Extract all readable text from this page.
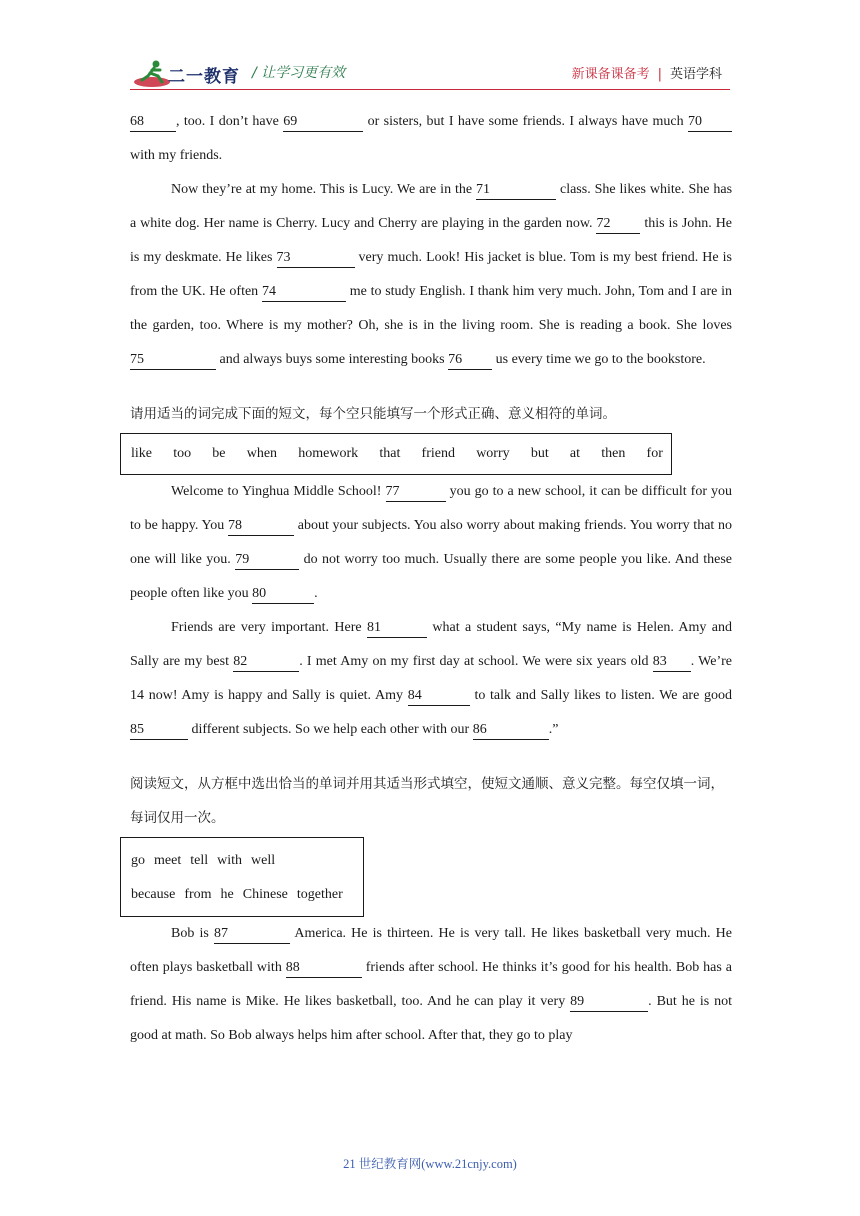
二一教育 / 让学习更有效	新课备课备考 | 英语学科

68 , too. I don’t have 69	or sisters, but I have some friends. I always have much 70 with my friends.

Now they’re at my home. This is Lucy. We are in the 71	class. She likes white. She has a white dog. Her name is Cherry. Lucy and Cherry are playing in the garden now. 72 this is John. He is my deskmate. He likes 73	very much. Look! His jacket is blue. Tom is my best friend. He is from the UK. He often 74	me to study English. I thank him very much. John, Tom and I are in the garden, too. Where is my mother? Oh, she is in the living room. She is reading a book. She loves 75	and always buys some interesting books 76 us every time we go to the bookstore.

请用适当的词完成下面的短文，每个空只能填写一个形式正确、意义相符的单词。
like too be when homework that friend worry but at then for

Welcome to Yinghua Middle School! 77	you go to a new school, it can be difficult for you to be happy. You 78	about your subjects. You also worry about making friends. You worry that no one will like you. 79	do not worry too much. Usually there are some people you like. And these people often like you 80	.

Friends are very important. Here 81	what a student says, “My name is Helen. Amy and Sally are my best 82	. I met Amy on my first day at school. We were six years old 83 . We’re 14 now! Amy is happy and Sally is quiet. Amy 84	to talk and Sally likes to listen. We are good 85	different subjects. So we help each other with our 86	.”

阅读短文，从方框中选出恰当的单词并用其适当形式填空，使短文通顺、意义完整。每空仅填一词，每词仅用一次。
go meet tell with well
because from he Chinese together

Bob is 87	America. He is thirteen. He is very tall. He likes basketball very much. He often plays basketball with 88	friends after school. He thinks it’s good for his health. Bob has a friend. His name is Mike. He likes basketball, too. And he can play it very 89	. But he is not good at math. So Bob always helps him after school. After that, they go to play

21 世纪教育网(www.21cnjy.com)
